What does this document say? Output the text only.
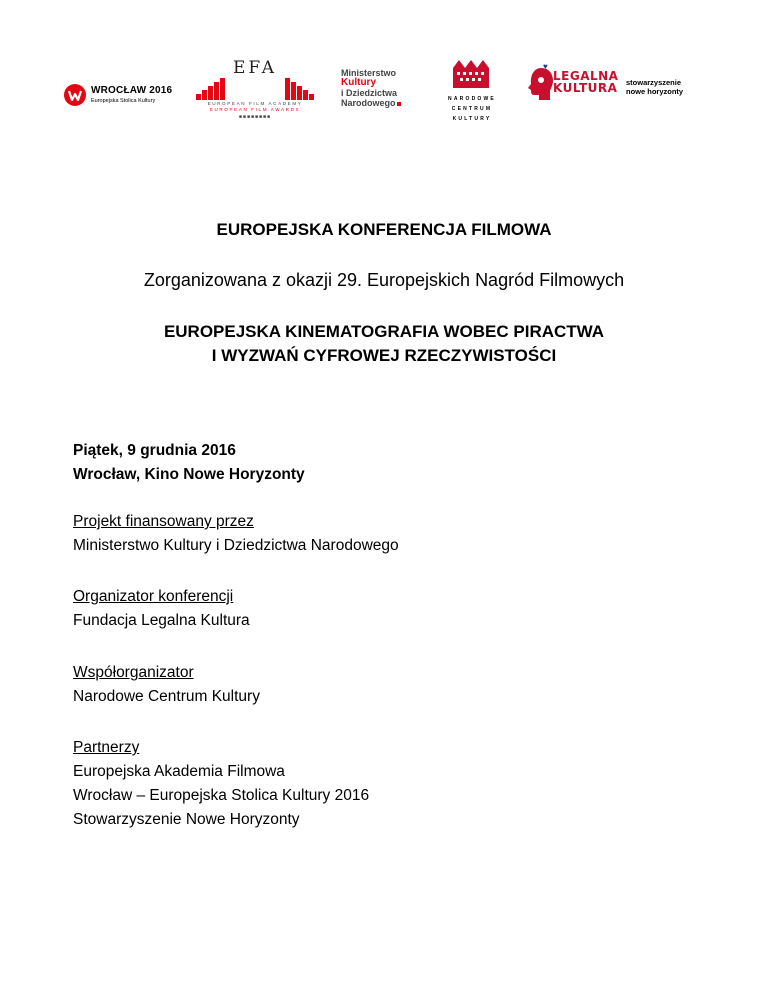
WROCŁAW 2016
Europejska Stolica Kultury
EFA
EUROPEAN FILM ACADEMY
EUROPEAN FILM AWARDS
■■■■■■■■
Ministerstwo
Kultury
i Dziedzictwa
Narodowego	NARODOWE
CENTRUM
KULTURY
♥
LEGALNA
KULTURA stowarzyszenie
nowe horyzonty
EUROPEJSKA KONFERENCJA FILMOWA
Zorganizowana z okazji 29. Europejskich Nagród Filmowych
EUROPEJSKA KINEMATOGRAFIA WOBEC PIRACTWA
I WYZWAŃ CYFROWEJ RZECZYWISTOŚCI
Piątek, 9 grudnia 2016
Wrocław, Kino Nowe Horyzonty
Projekt finansowany przez
Ministerstwo Kultury i Dziedzictwa Narodowego
Organizator konferencji
Fundacja Legalna Kultura
Współorganizator
Narodowe Centrum Kultury
Partnerzy
Europejska Akademia Filmowa
Wrocław – Europejska Stolica Kultury 2016
Stowarzyszenie Nowe Horyzonty
